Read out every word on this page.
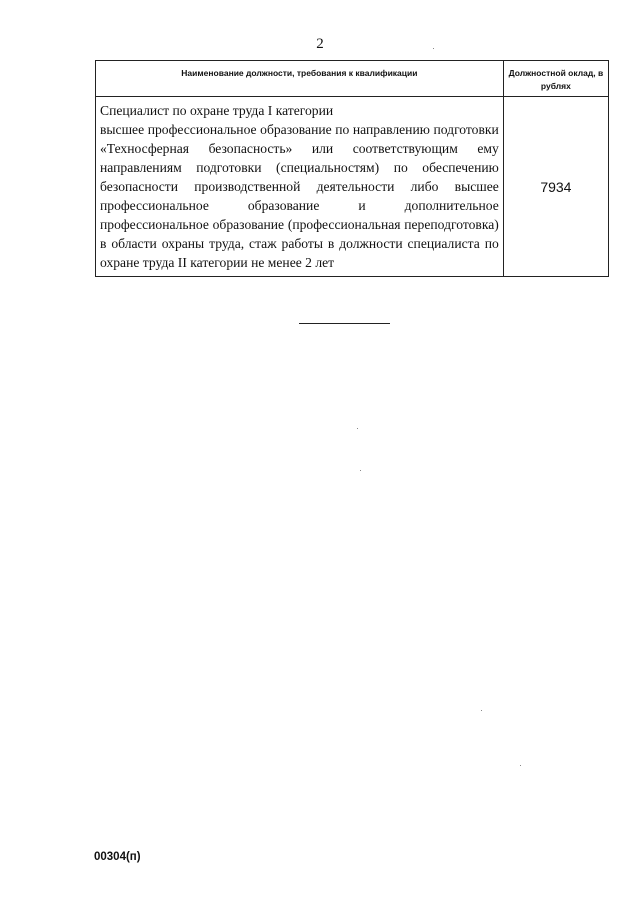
2
Наименование должности, требования к квалификации	Должностной оклад, в рублях

Специалист по охране труда I категории
высшее профессиональное образование по направлению подготовки «Техносферная безопасность» или соответствующим ему направлениям подготовки (специальностям) по обеспечению безопасности производственной деятельности либо высшее профессиональное образование и дополнительное профессиональное образование (профессиональная переподготовка) в области охраны труда, стаж работы в должности специалиста по охране труда II категории не менее 2 лет	7934
00304(п)
